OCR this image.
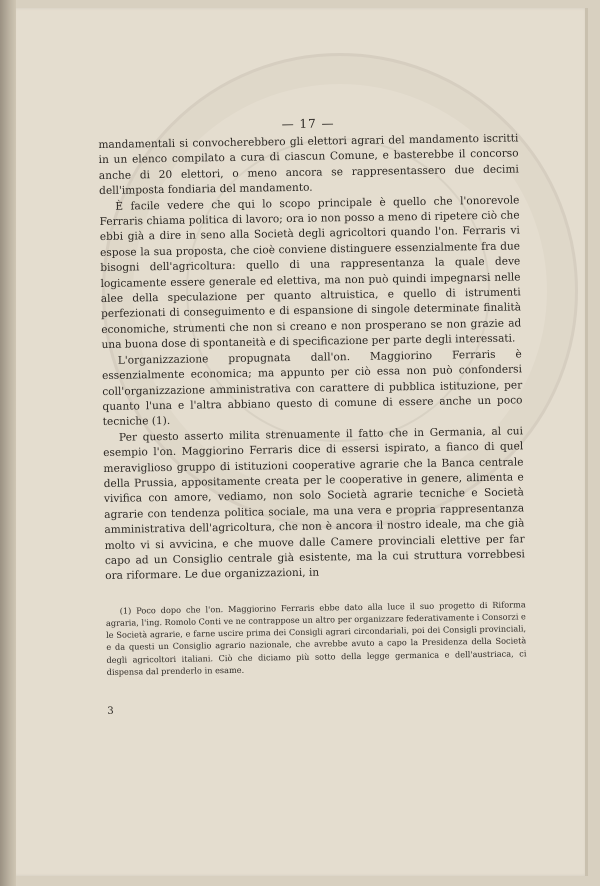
— 17 —

mandamentali si convocherebbero gli elettori agrari del mandamento iscritti in un elenco compilato a cura di ciascun Comune, e basterebbe il concorso anche di 20 elettori, o meno ancora se rappresentassero due decimi dell'imposta fondiaria del mandamento.

È facile vedere che qui lo scopo principale è quello che l'onorevole Ferraris chiama politica di lavoro; ora io non posso a meno di ripetere ciò che ebbi già a dire in seno alla Società degli agricoltori quando l'on. Ferraris vi espose la sua proposta, che cioè conviene distinguere essenzialmente fra due bisogni dell'agricoltura: quello di una rappresentanza la quale deve logicamente essere generale ed elettiva, ma non può quindi impegnarsi nelle alee della speculazione per quanto altruistica, e quello di istrumenti perfezionati di conseguimento e di espansione di singole determinate finalità economiche, strumenti che non si creano e non prosperano se non grazie ad una buona dose di spontaneità e di specificazione per parte degli interessati.

L'organizzazione propugnata dall'on. Maggiorino Ferraris è essenzialmente economica; ma appunto per ciò essa non può confondersi coll'organizzazione amministrativa con carattere di pubblica istituzione, per quanto l'una e l'altra abbiano questo di comune di essere anche un poco tecniche (1).

Per questo asserto milita strenuamente il fatto che in Germania, al cui esempio l'on. Maggiorino Ferraris dice di essersi ispirato, a fianco di quel meraviglioso gruppo di istituzioni cooperative agrarie che la Banca centrale della Prussia, appositamente creata per le cooperative in genere, alimenta e vivifica con amore, vediamo, non solo Società agrarie tecniche e Società agrarie con tendenza politica sociale, ma una vera e propria rappresentanza amministrativa dell'agricoltura, che non è ancora il nostro ideale, ma che già molto vi si avvicina, e che muove dalle Camere provinciali elettive per far capo ad un Consiglio centrale già esistente, ma la cui struttura vorrebbesi ora riformare. Le due organizzazioni, in

(1) Poco dopo che l'on. Maggiorino Ferraris ebbe dato alla luce il suo progetto di Riforma agraria, l'ing. Romolo Conti ve ne contrappose un altro per organizzare federativamente i Consorzi e le Società agrarie, e farne uscire prima dei Consigli agrari circondariali, poi dei Consigli provinciali, e da questi un Consiglio agrario nazionale, che avrebbe avuto a capo la Presidenza della Società degli agricoltori italiani. Ciò che diciamo più sotto della legge germanica e dell'austriaca, ci dispensa dal prenderlo in esame.

3
